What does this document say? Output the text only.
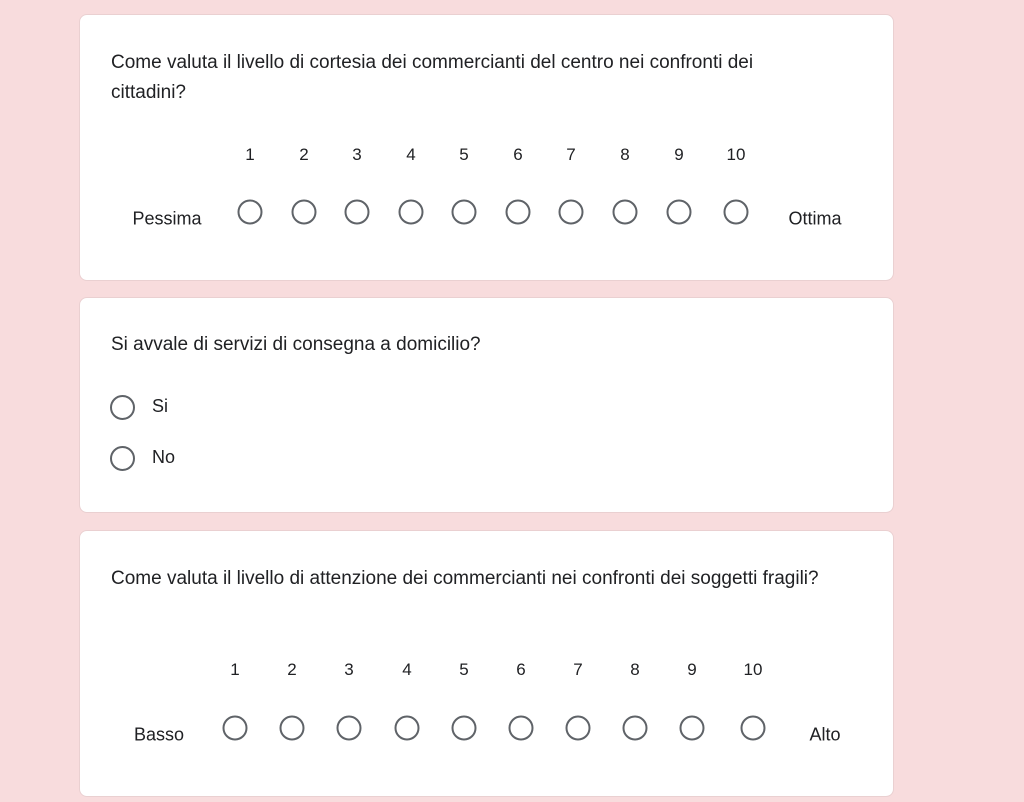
Come valuta il livello di cortesia dei commercianti del centro nei confronti dei cittadini?

Pessima	Ottima
1	2	3	4	5	6	7	8	9	10

Si avvale di servizi di consegna a domicilio?

Si
No

Come valuta il livello di attenzione dei commercianti nei confronti dei soggetti fragili?

Basso	Alto
1	2	3	4	5	6	7	8	9	10
